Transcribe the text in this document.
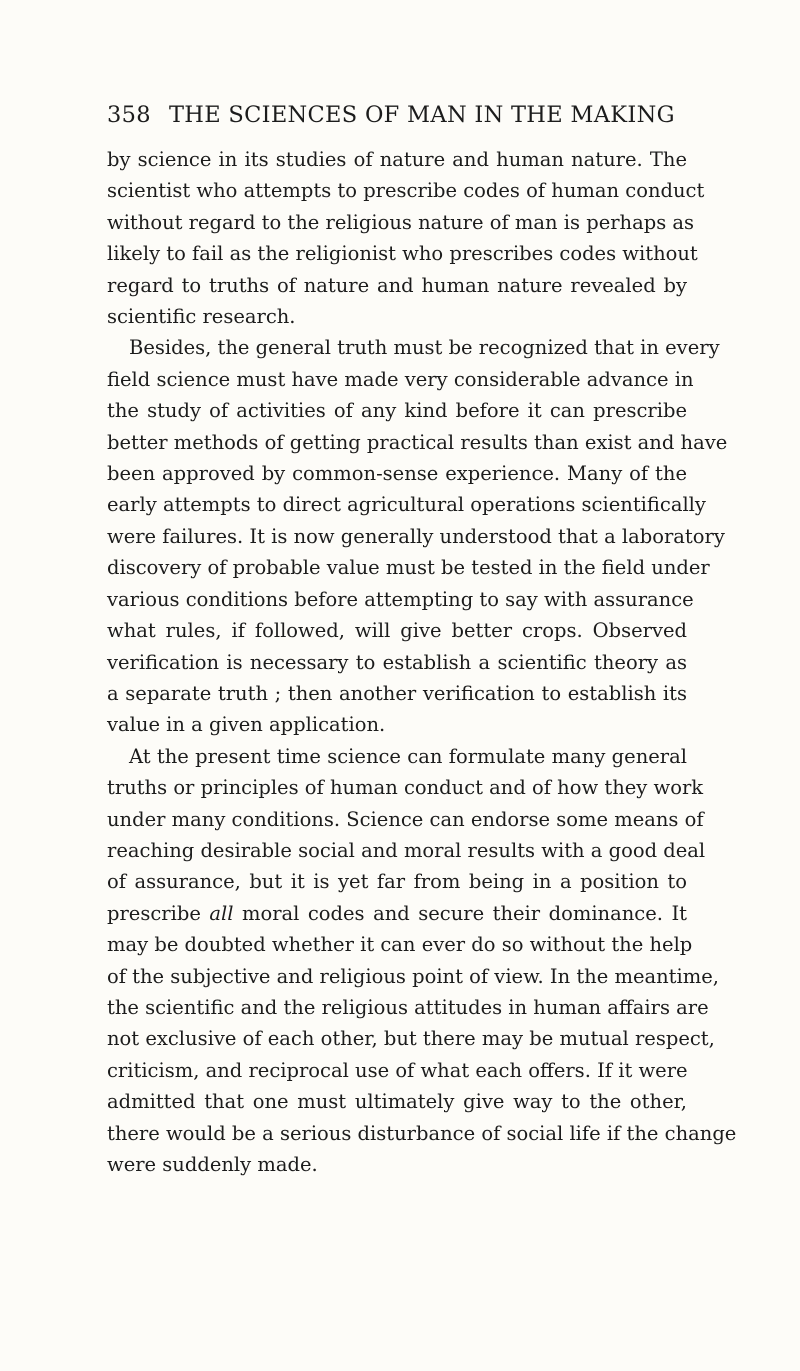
358 THE SCIENCES OF MAN IN THE MAKING
by science in its studies of nature and human nature. The
scientist who attempts to prescribe codes of human conduct
without regard to the religious nature of man is perhaps as
likely to fail as the religionist who prescribes codes without
regard to truths of nature and human nature revealed by
scientific research.
Besides, the general truth must be recognized that in every
field science must have made very considerable advance in
the study of activities of any kind before it can prescribe
better methods of getting practical results than exist and have
been approved by common-sense experience. Many of the
early attempts to direct agricultural operations scientifically
were failures. It is now generally understood that a laboratory
discovery of probable value must be tested in the field under
various conditions before attempting to say with assurance
what rules, if followed, will give better crops. Observed
verification is necessary to establish a scientific theory as
a separate truth ; then another verification to establish its
value in a given application.
At the present time science can formulate many general
truths or principles of human conduct and of how they work
under many conditions. Science can endorse some means of
reaching desirable social and moral results with a good deal
of assurance, but it is yet far from being in a position to
prescribe all moral codes and secure their dominance. It
may be doubted whether it can ever do so without the help
of the subjective and religious point of view. In the meantime,
the scientific and the religious attitudes in human affairs are
not exclusive of each other, but there may be mutual respect,
criticism, and reciprocal use of what each offers. If it were
admitted that one must ultimately give way to the other,
there would be a serious disturbance of social life if the change
were suddenly made.
